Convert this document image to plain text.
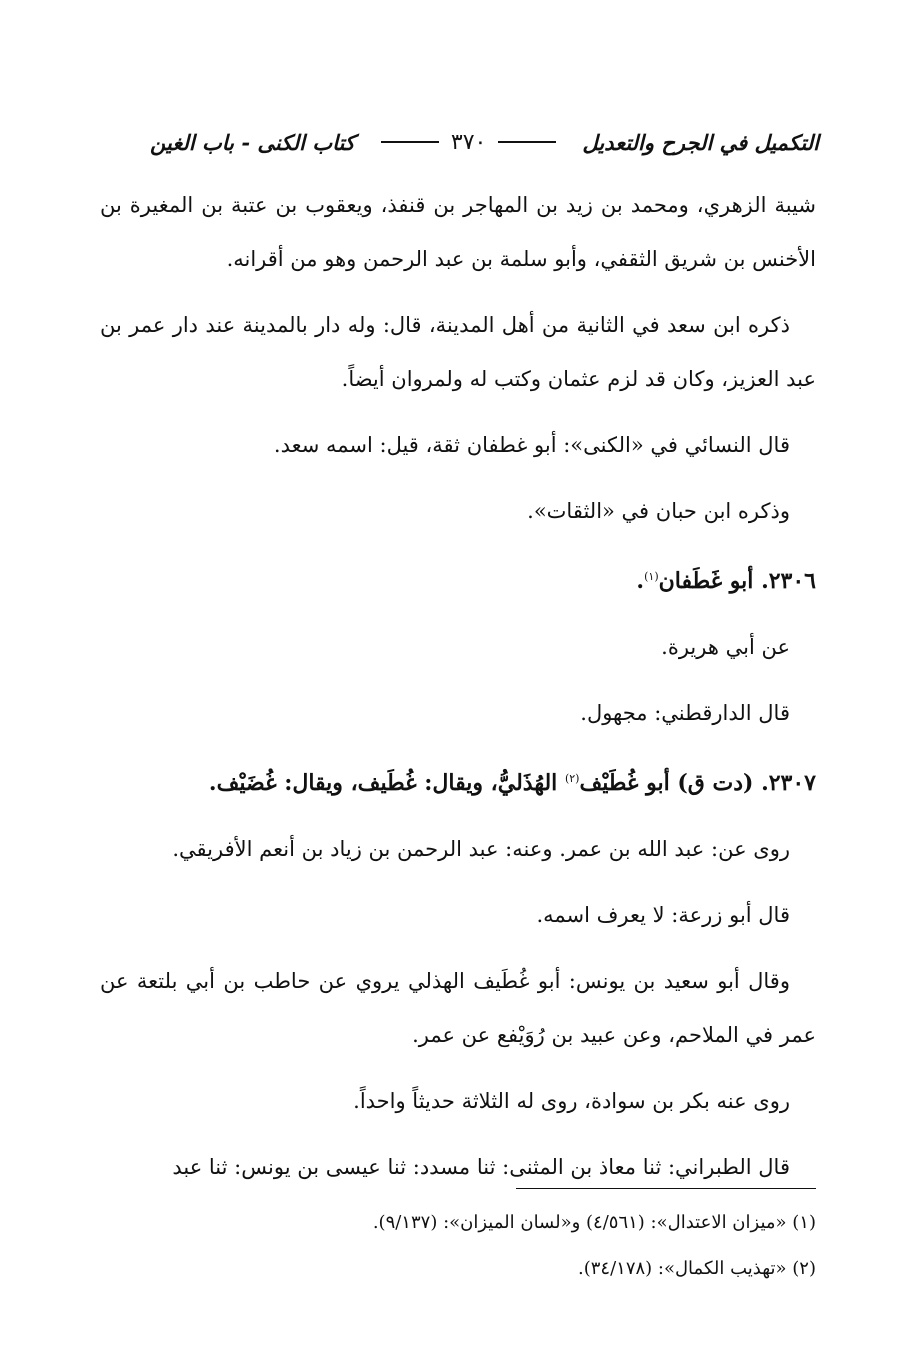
التكميل في الجرح والتعديل
٣٧٠
كتاب الكنى - باب الغين

شيبة الزهري، ومحمد بن زيد بن المهاجر بن قنفذ، ويعقوب بن عتبة بن المغيرة بن الأخنس بن شريق الثقفي، وأبو سلمة بن عبد الرحمن وهو من أقرانه.

ذكره ابن سعد في الثانية من أهل المدينة، قال: وله دار بالمدينة عند دار عمر بن عبد العزيز، وكان قد لزم عثمان وكتب له ولمروان أيضاً.

قال النسائي في «الكنى»: أبو غطفان ثقة، قيل: اسمه سعد.

وذكره ابن حبان في «الثقات».

٢٣٠٦. أبو غَطَفان$^{(١)}$.

عن أبي هريرة.

قال الدارقطني: مجهول.

٢٣٠٧. (دت ق) أبو غُطَيْف$^{(٢)}$ الهُذَليُّ، ويقال: غُطَيف، ويقال: غُضَيْف.

روى عن: عبد الله بن عمر. وعنه: عبد الرحمن بن زياد بن أنعم الأفريقي.

قال أبو زرعة: لا يعرف اسمه.

وقال أبو سعيد بن يونس: أبو غُطَيف الهذلي يروي عن حاطب بن أبي بلتعة عن عمر في الملاحم، وعن عبيد بن رُوَيْفع عن عمر.

روى عنه بكر بن سوادة، روى له الثلاثة حديثاً واحداً.

قال الطبراني: ثنا معاذ بن المثنى: ثنا مسدد: ثنا عيسى بن يونس: ثنا عبد

(١) «ميزان الاعتدال»: (٤/٥٦١) و«لسان الميزان»: (٩/١٣٧).
(٢) «تهذيب الكمال»: (٣٤/١٧٨).
